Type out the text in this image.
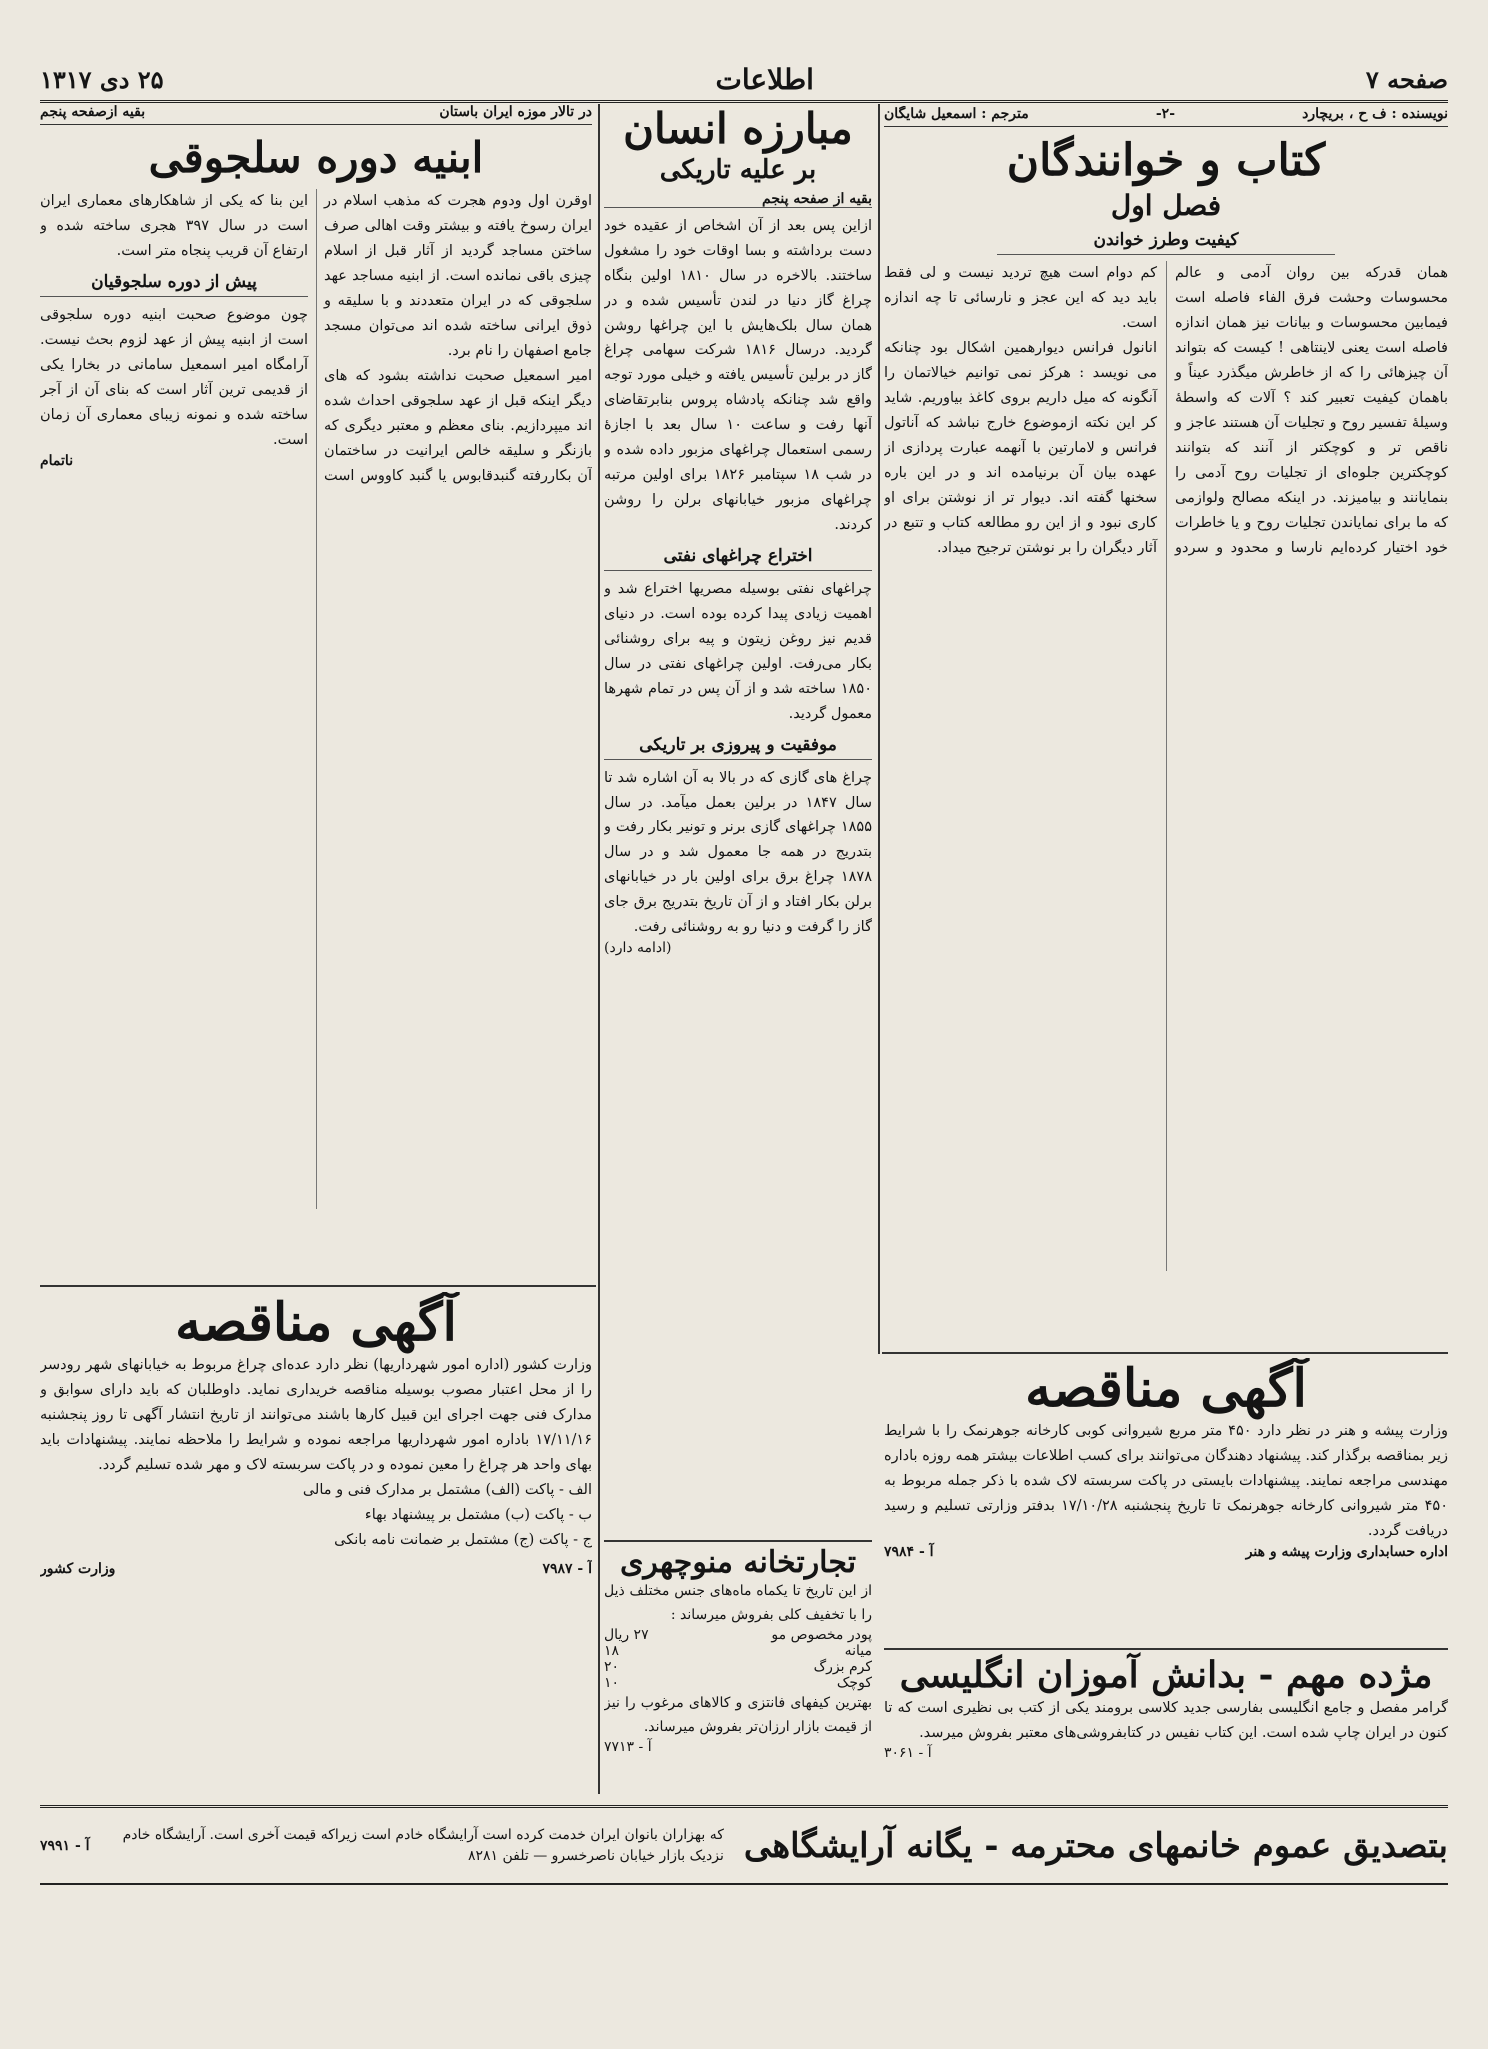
صفحه ۷
اطلاعات
۲۵ دی ۱۳۱۷
نویسنده : ف ح ، بریچارد
-۲-
مترجم : اسمعیل شایگان
کتاب و خوانندگان
فصل اول
کیفیت وطرز خواندن

همان قدرکه بین روان آدمی و عالم محسوسات وحشت فرق الفاء فاصله است فیمابین محسوسات و بیانات نیز همان اندازه فاصله است یعنی لاینتاهی ! کیست که بتواند آن چیزهائی را که از خاطرش میگذرد عیناً و باهمان کیفیت تعبیر کند ؟ آلات که واسطهٔ وسیلهٔ تفسیر روح و تجلیات آن هستند عاجز و ناقص تر و کوچکتر از آنند که بتوانند کوچکترین جلوه‌ای از تجلیات روح آدمی را بنمایانند و بیامیزند. در اینکه مصالح ولوازمی که ما برای نمایاندن تجلیات روح و یا خاطرات خود اختیار کرده‌ایم نارسا و محدود و سردو کم دوام است هیچ تردید نیست و لی فقط باید دید که این عجز و نارسائی تا چه اندازه است.

انانول فرانس دیوارهمین اشکال بود چنانکه می نویسد : هرکز نمی توانیم خیالاتمان را آنگونه که میل داریم بروی کاغذ بیاوریم. شاید کر این نکته ازموضوع خارج نباشد که آناتول فرانس و لامارتین با آنهمه عبارت پردازی از عهده بیان آن برنیامده اند و در این باره سخنها گفته اند. دیوار تر از نوشتن برای او کاری نبود و از این رو مطالعه کتاب و تتبع در آثار دیگران را بر نوشتن ترجیح میداد.

مبارزه انسان
بر علیه تاریکی
بقیه از صفحه پنجم

ازاین پس بعد از آن اشخاص از عقیده خود دست برداشته و بسا اوقات خود را مشغول ساختند. بالاخره در سال ۱۸۱۰ اولین بنگاه چراغ گاز دنیا در لندن تأسیس شده و در همان سال بلک‌هایش با این چراغها روشن گردید. درسال ۱۸۱۶ شرکت سهامی چراغ گاز در برلین تأسیس یافته و خیلی مورد توجه واقع شد چنانکه پادشاه پروس بنابرتقاضای آنها رفت و ساعت ۱۰ سال بعد با اجازهٔ رسمی استعمال چراغهای مزبور داده شده و در شب ۱۸ سپتامبر ۱۸۲۶ برای اولین مرتبه چراغهای مزبور خیابانهای برلن را روشن کردند.

اختراع چراغهای نفتی

چراغهای نفتی بوسیله مصریها اختراع شد و اهمیت زیادی پیدا کرده بوده است. در دنیای قدیم نیز روغن زیتون و پیه برای روشنائی بکار می‌رفت. اولین چراغهای نفتی در سال ۱۸۵۰ ساخته شد و از آن پس در تمام شهرها معمول گردید.

موفقیت و پیروزی بر تاریکی

چراغ های گازی که در بالا به آن اشاره شد تا سال ۱۸۴۷ در برلین بعمل میآمد. در سال ۱۸۵۵ چراغهای گازی برنر و تونیر بکار رفت و بتدریج در همه جا معمول شد و در سال ۱۸۷۸ چراغ برق برای اولین بار در خیابانهای برلن بکار افتاد و از آن تاریخ بتدریج برق جای گاز را گرفت و دنیا رو به روشنائی رفت.

(ادامه دارد)
در تالار موزه ایران باستان
بقیه ازصفحه پنجم
ابنیه دوره سلجوقی

اوقرن اول ودوم هجرت که مذهب اسلام در ایران رسوخ یافته و بیشتر وقت اهالی صرف ساختن مساجد گردید از آثار قبل از اسلام چیزی باقی نمانده است. از ابنیه مساجد عهد سلجوقی که در ایران متعددند و با سلیقه و ذوق ایرانی ساخته شده اند می‌توان مسجد جامع اصفهان را نام برد.

امیر اسمعیل صحبت نداشته بشود که های دیگر اینکه قبل از عهد سلجوقی احداث شده اند میپردازیم. بنای معظم و معتبر دیگری که بازنگر و سلیقه خالص ایرانیت در ساختمان آن بکاررفته گنبدقابوس یا گنبد کاووس است این بنا که یکی از شاهکارهای معماری ایران است در سال ۳۹۷ هجری ساخته شده و ارتفاع آن قریب پنجاه متر است.

پیش از دوره سلجوقیان

چون موضوع صحبت ابنیه دوره سلجوقی است از ابنیه پیش از عهد لزوم بحث نیست. آرامگاه امیر اسمعیل سامانی در بخارا یکی از قدیمی ترین آثار است که بنای آن از آجر ساخته شده و نمونه زیبای معماری آن زمان است.

ناتمام
آگهی مناقصه

وزارت کشور (اداره امور شهرداریها) نظر دارد عده‌ای چراغ مربوط به خیابانهای شهر رودسر را از محل اعتبار مصوب بوسیله مناقصه خریداری نماید. داوطلبان که باید دارای سوابق و مدارک فنی جهت اجرای این قبیل کارها باشند می‌توانند از تاریخ انتشار آگهی تا روز پنجشنبه ۱۷/۱۱/۱۶ باداره امور شهرداریها مراجعه نموده و شرایط را ملاحظه نمایند. پیشنهادات باید بهای واحد هر چراغ را معین نموده و در پاکت سربسته لاک و مهر شده تسلیم گردد.

الف - پاکت (الف) مشتمل بر مدارک فنی و مالی
ب - پاکت (ب) مشتمل بر پیشنهاد بهاء
ج - پاکت (ج) مشتمل بر ضمانت نامه بانکی
آ - ۷۹۸۷
وزارت کشور	تجارتخانه منوچهری

از این تاریخ تا یکماه ماه‌های جنس مختلف ذیل را با تخفیف کلی بفروش میرساند :

پودر مخصوص مو
۲۷ ریال
میانه
۱۸
کرم بزرگ
۲۰
کوچک
۱۰

بهترین کیفهای فانتزی و کالاهای مرغوب را نیز از قیمت بازار ارزان‌تر بفروش میرساند.

آ - ۷۷۱۳
آگهی مناقصه

وزارت پیشه و هنر در نظر دارد ۴۵۰ متر مربع شیروانی کوبی کارخانه جوهرنمک را با شرایط زیر بمناقصه برگذار کند. پیشنهاد دهندگان می‌توانند برای کسب اطلاعات بیشتر همه روزه باداره مهندسی مراجعه نمایند. پیشنهادات بایستی در پاکت سربسته لاک شده با ذکر جمله مربوط به ۴۵۰ متر شیروانی کارخانه جوهرنمک تا تاریخ پنجشنبه ۱۷/۱۰/۲۸ بدفتر وزارتی تسلیم و رسید دریافت گردد.

اداره حسابداری وزارت پیشه و هنر
آ - ۷۹۸۴
مژده مهم - بدانش آموزان انگلیسی

گرامر مفصل و جامع انگلیسی بفارسی جدید کلاسی برومند یکی از کتب بی نظیری است که تا کنون در ایران چاپ شده است. این کتاب نفیس در کتابفروشی‌های معتبر بفروش میرسد.

آ - ۳۰۶۱
بتصدیق عموم خانمهای محترمه - یگانه آرایشگاهی
که بهزاران بانوان ایران خدمت کرده است آرایشگاه خادم است زیراکه قیمت آخری است. آرایشگاه خادم نزدیک بازار خیابان ناصرخسرو — تلفن ۸۲۸۱
آ - ۷۹۹۱
